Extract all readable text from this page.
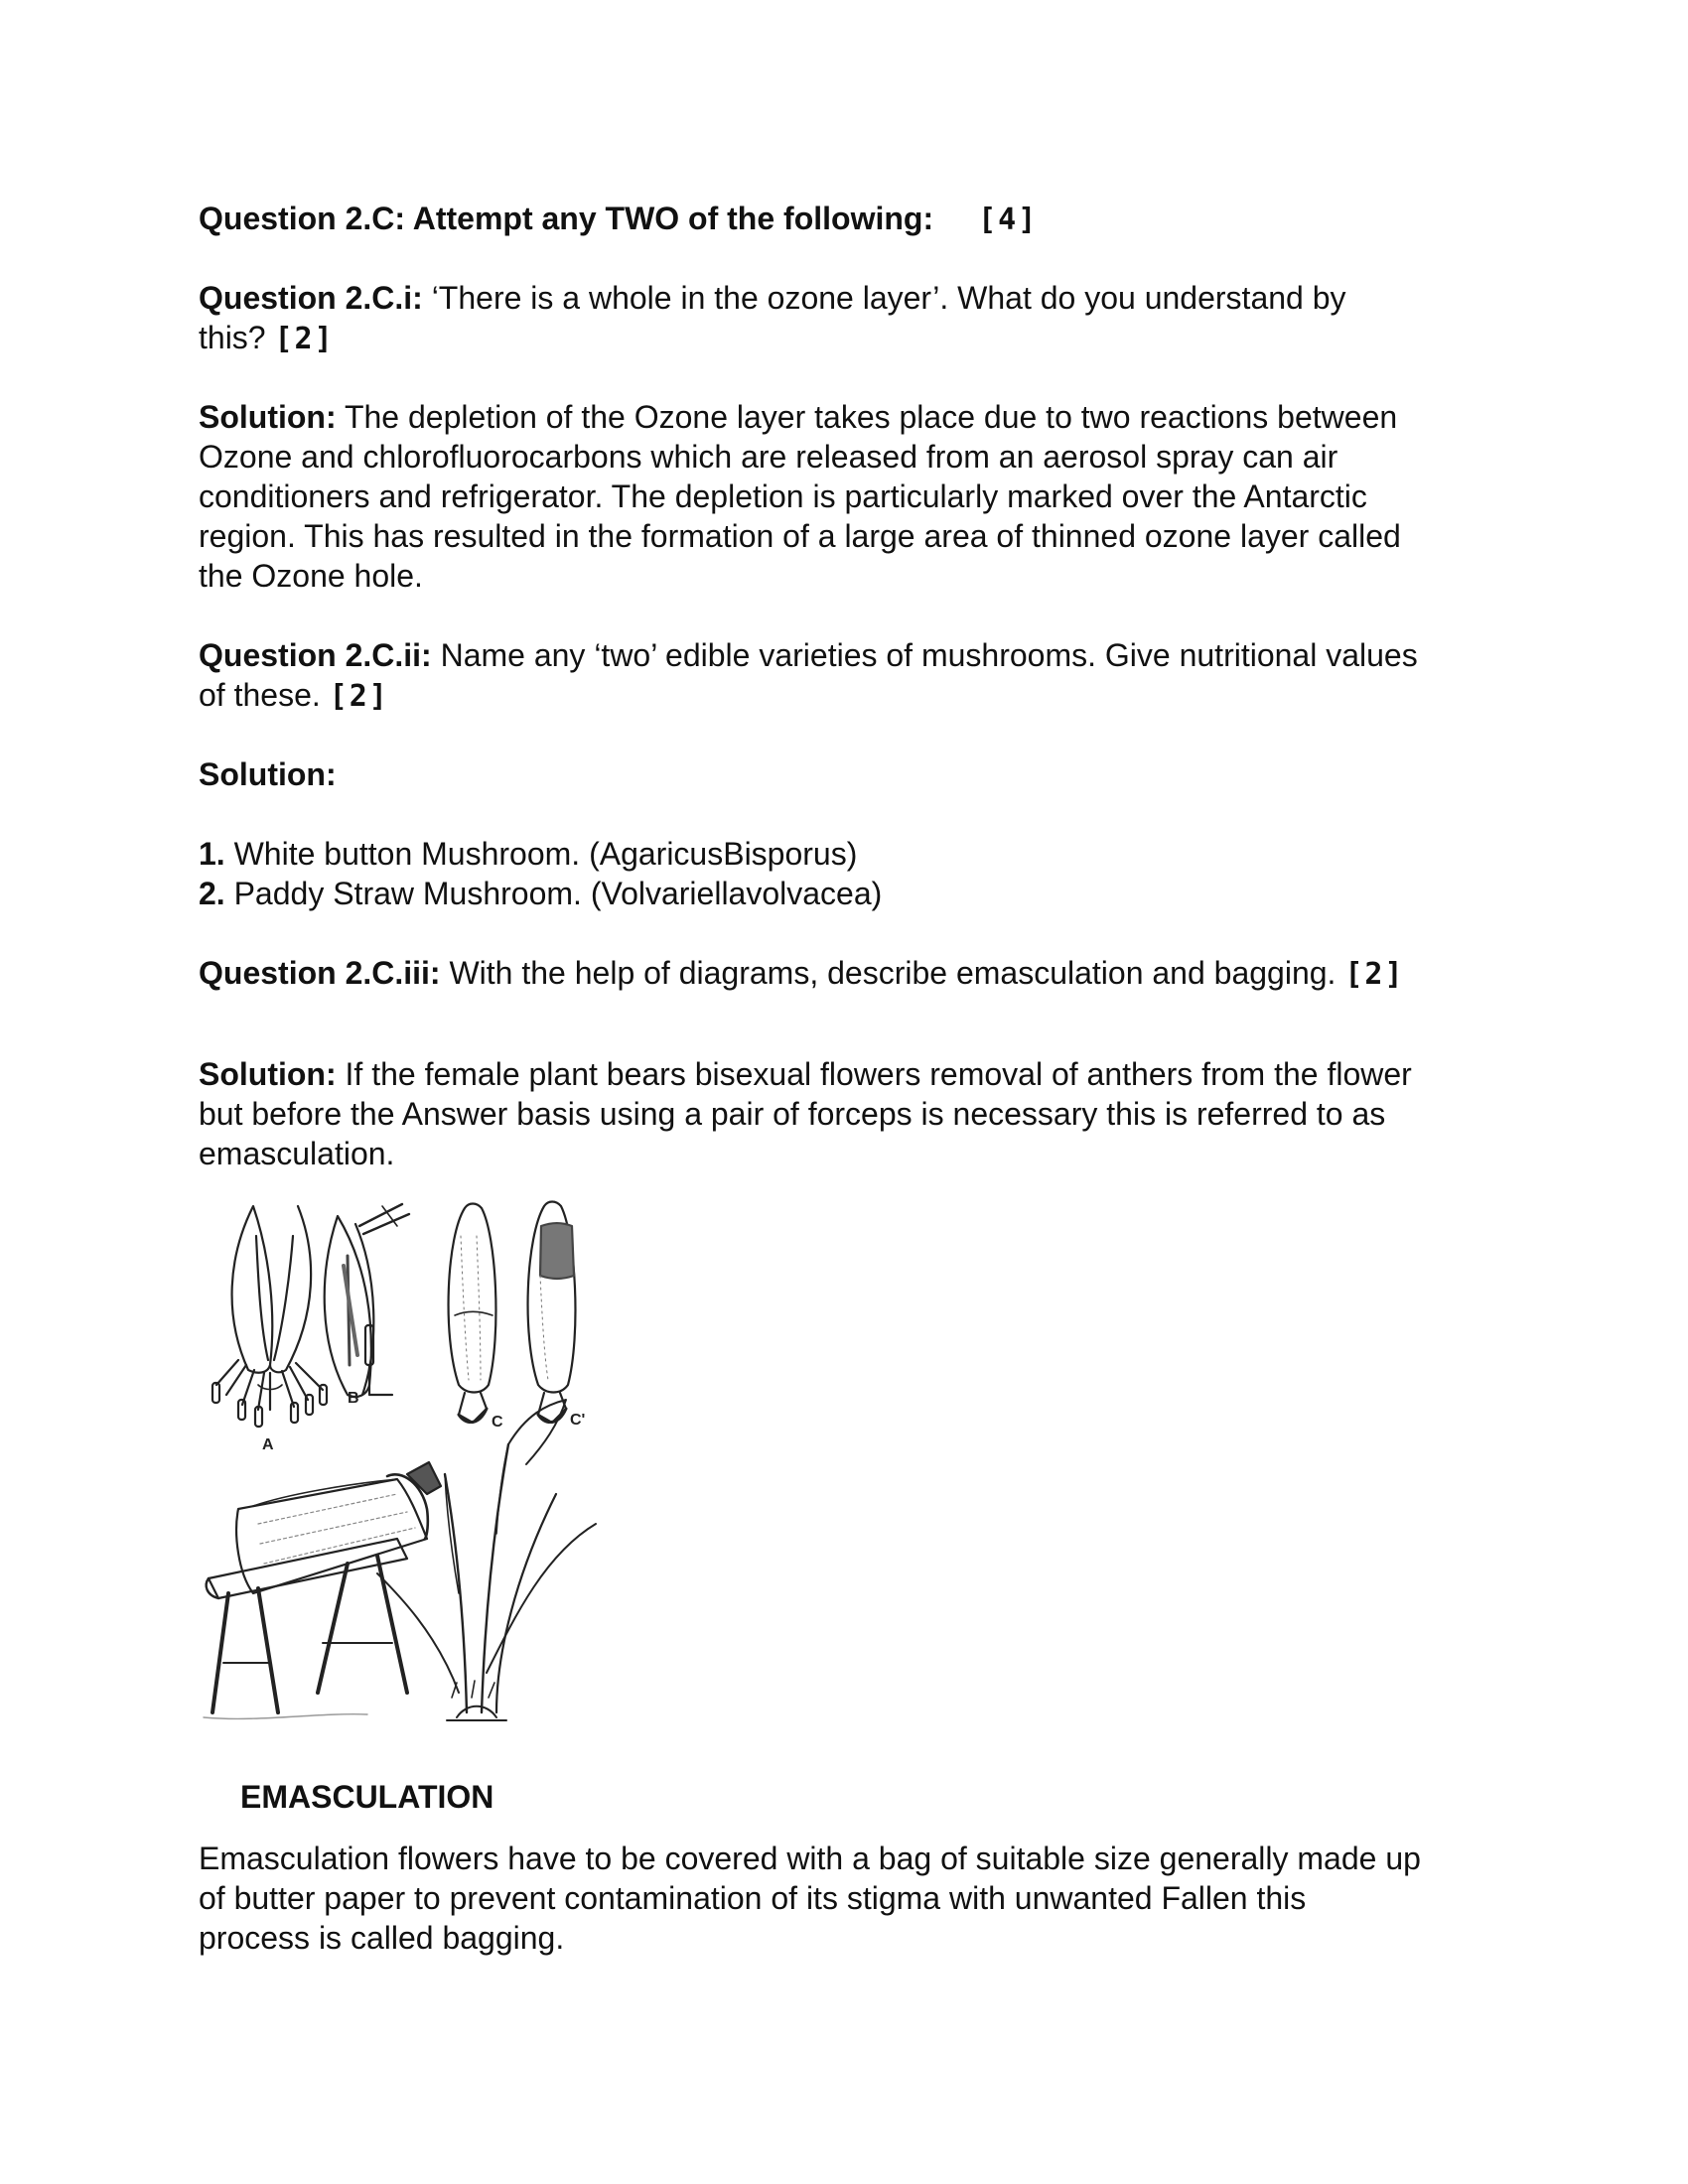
Question 2.C: Attempt any TWO of the following: [4]

Question 2.C.i: ‘There is a whole in the ozone layer’. What do you understand by
this? [2]

Solution: The depletion of the Ozone layer takes place due to two reactions between
Ozone and chlorofluorocarbons which are released from an aerosol spray can air
conditioners and refrigerator. The depletion is particularly marked over the Antarctic
region. This has resulted in the formation of a large area of thinned ozone layer called
the Ozone hole.

Question 2.C.ii: Name any ‘two’ edible varieties of mushrooms. Give nutritional values
of these. [2]

Solution:

1. White button Mushroom. (AgaricusBisporus)
2. Paddy Straw Mushroom. (Volvariellavolvacea)

Question 2.C.iii: With the help of diagrams, describe emasculation and bagging. [2]

Solution: If the female plant bears bisexual flowers removal of anthers from the flower
but before the Answer basis using a pair of forceps is necessary this is referred to as
emasculation.

Emasculation flowers have to be covered with a bag of suitable size generally made up
of butter paper to prevent contamination of its stigma with unwanted Fallen this
process is called bagging.

A
B
C	C'
EMASCULATION
